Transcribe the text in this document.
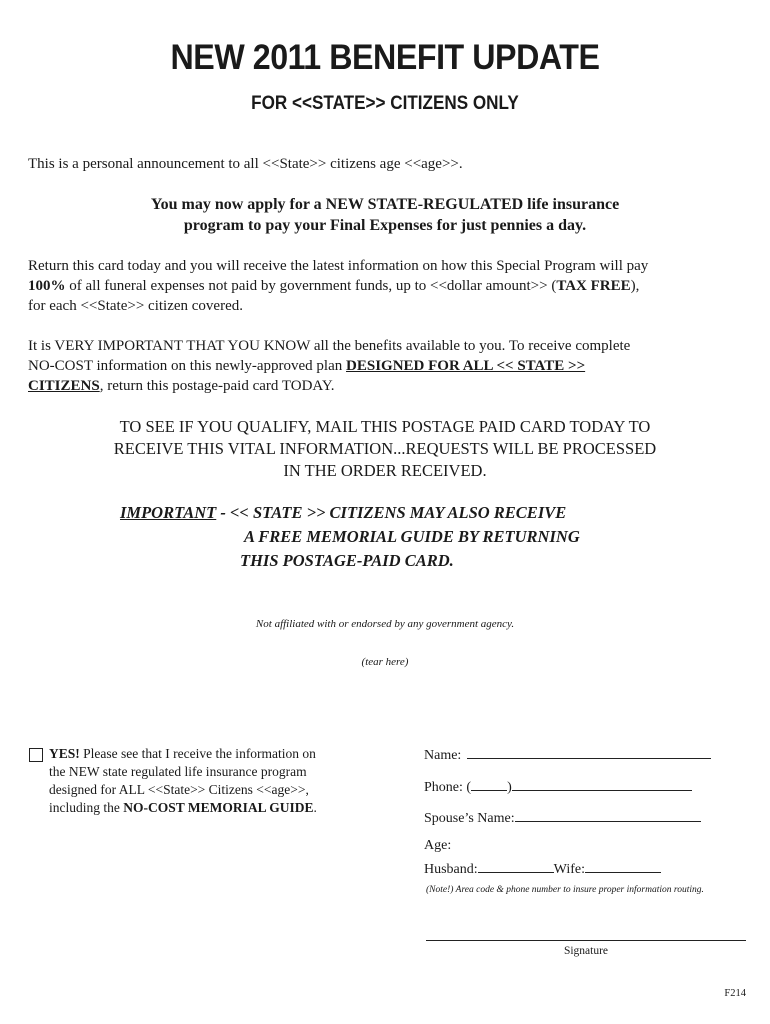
NEW 2011 BENEFIT UPDATE
FOR <<STATE>> CITIZENS ONLY
This is a personal announcement to all <<State>> citizens age <<age>>.
You may now apply for a NEW STATE-REGULATED life insurance
program to pay your Final Expenses for just pennies a day.
Return this card today and you will receive the latest information on how this Special Program will pay
100% of all funeral expenses not paid by government funds, up to <<dollar amount>> (TAX FREE),
for each <<State>> citizen covered.
It is VERY IMPORTANT THAT YOU KNOW all the benefits available to you. To receive complete
NO-COST information on this newly-approved plan DESIGNED FOR ALL << STATE >>
CITIZENS, return this postage-paid card TODAY.
TO SEE IF YOU QUALIFY, MAIL THIS POSTAGE PAID CARD TODAY TO
RECEIVE THIS VITAL INFORMATION...REQUESTS WILL BE PROCESSED
IN THE ORDER RECEIVED.
IMPORTANT - << STATE >> CITIZENS MAY ALSO RECEIVE
A FREE MEMORIAL GUIDE BY RETURNING
THIS POSTAGE-PAID CARD.
Not affiliated with or endorsed by any government agency.
(tear here)
YES! Please see that I receive the information on
the NEW state regulated life insurance program
designed for ALL <<State>> Citizens <<age>>,
including the NO-COST MEMORIAL GUIDE.
Name:
Phone: (	)
Spouse’s Name:
Age:
Husband:	Wife:
(Note!) Area code & phone number to insure proper information routing.
Signature
F214
